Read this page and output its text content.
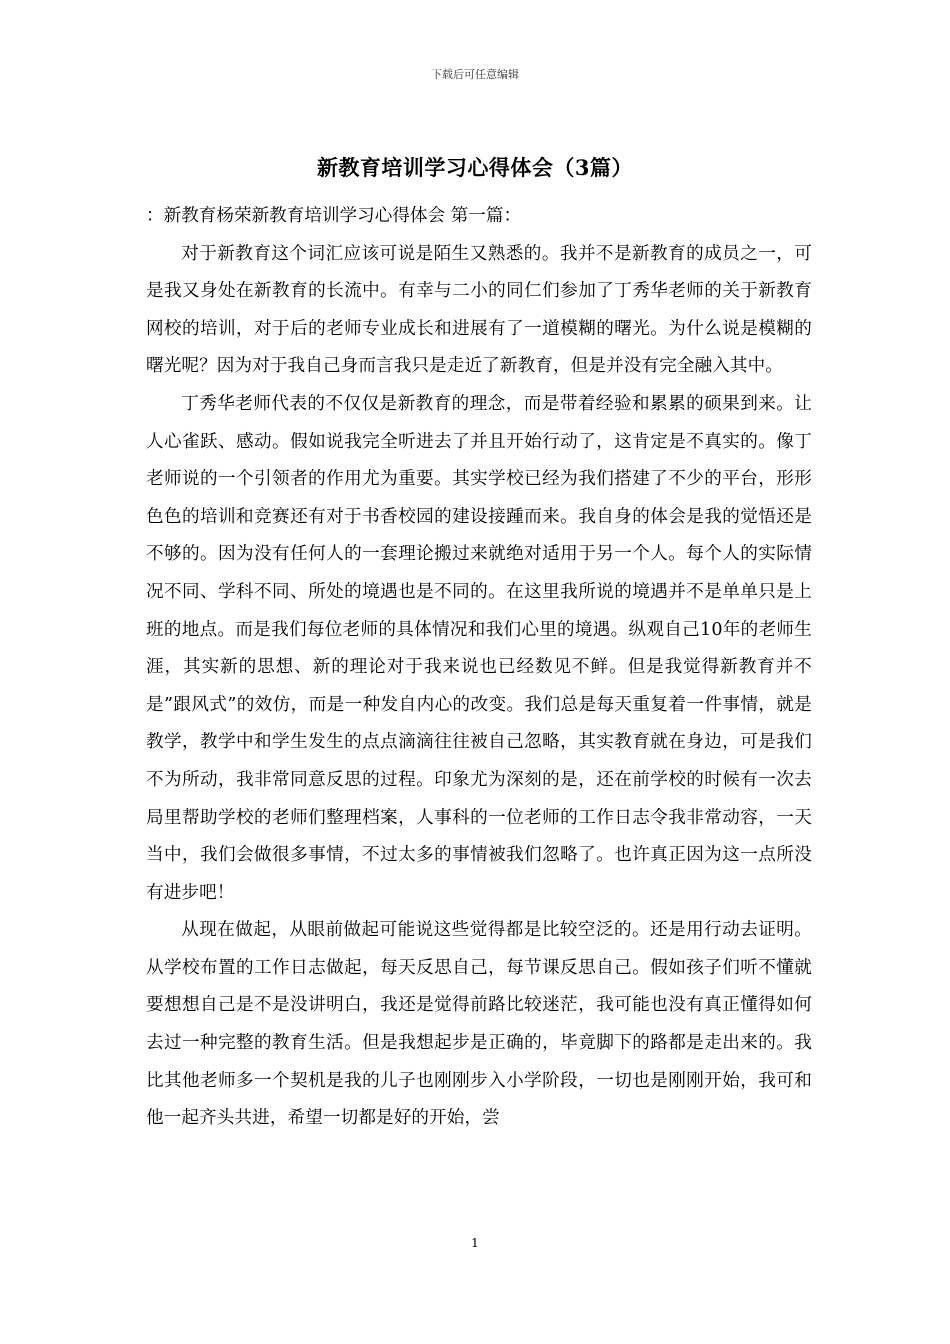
下载后可任意编辑
新教育培训学习心得体会（3篇）

：新教育杨荣新教育培训学习心得体会 第一篇：

对于新教育这个词汇应该可说是陌生又熟悉的。我并不是新教育的成员之一，可是我又身处在新教育的长流中。有幸与二小的同仁们参加了丁秀华老师的关于新教育网校的培训，对于后的老师专业成长和进展有了一道模糊的曙光。为什么说是模糊的曙光呢？因为对于我自己身而言我只是走近了新教育，但是并没有完全融入其中。

丁秀华老师代表的不仅仅是新教育的理念，而是带着经验和累累的硕果到来。让人心雀跃、感动。假如说我完全听进去了并且开始行动了，这肯定是不真实的。像丁老师说的一个引领者的作用尤为重要。其实学校已经为我们搭建了不少的平台，形形色色的培训和竞赛还有对于书香校园的建设接踵而来。我自身的体会是我的觉悟还是不够的。因为没有任何人的一套理论搬过来就绝对适用于另一个人。每个人的实际情况不同、学科不同、所处的境遇也是不同的。在这里我所说的境遇并不是单单只是上班的地点。而是我们每位老师的具体情况和我们心里的境遇。纵观自己10年的老师生涯，其实新的思想、新的理论对于我来说也已经数见不鲜。但是我觉得新教育并不是”跟风式”的效仿，而是一种发自内心的改变。我们总是每天重复着一件事情，就是教学，教学中和学生发生的点点滴滴往往被自己忽略，其实教育就在身边，可是我们不为所动，我非常同意反思的过程。印象尤为深刻的是，还在前学校的时候有一次去局里帮助学校的老师们整理档案，人事科的一位老师的工作日志令我非常动容，一天当中，我们会做很多事情，不过太多的事情被我们忽略了。也许真正因为这一点所没有进步吧！

从现在做起，从眼前做起可能说这些觉得都是比较空泛的。还是用行动去证明。从学校布置的工作日志做起，每天反思自己，每节课反思自己。假如孩子们听不懂就要想想自己是不是没讲明白，我还是觉得前路比较迷茫，我可能也没有真正懂得如何去过一种完整的教育生活。但是我想起步是正确的，毕竟脚下的路都是走出来的。我比其他老师多一个契机是我的儿子也刚刚步入小学阶段，一切也是刚刚开始，我可和他一起齐头共进，希望一切都是好的开始，尝

1
